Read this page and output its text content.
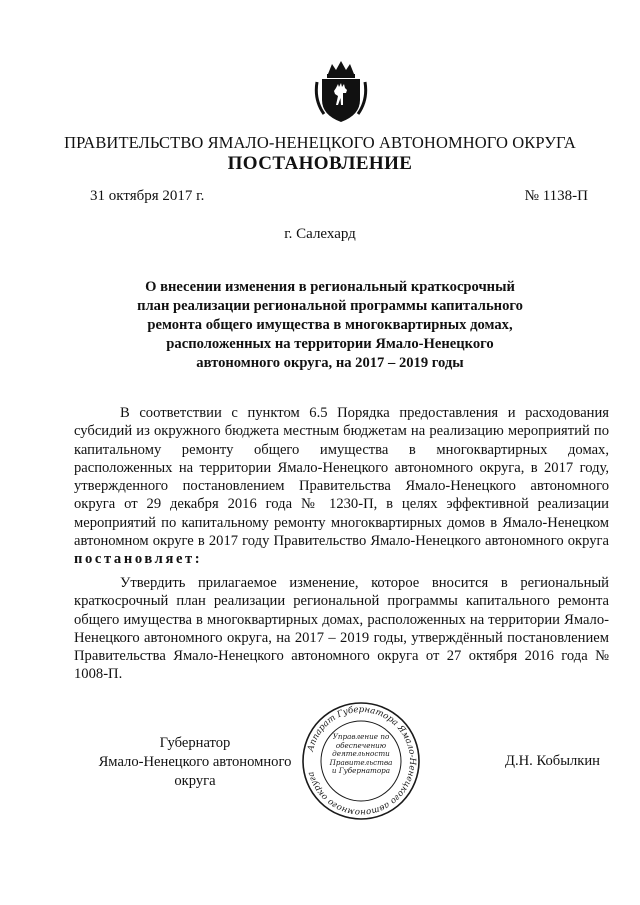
ПРАВИТЕЛЬСТВО ЯМАЛО-НЕНЕЦКОГО АВТОНОМНОГО ОКРУГА
ПОСТАНОВЛЕНИЕ
31 октября 2017 г.	№ 1138-П
г. Салехард
О внесении изменения в региональный краткосрочный план реализации региональной программы капитального ремонта общего имущества в многоквартирных домах, расположенных на территории Ямало-Ненецкого автономного округа, на 2017 – 2019 годы

В соответствии с пунктом 6.5 Порядка предоставления и расходования субсидий из окружного бюджета местным бюджетам на реализацию мероприятий по капитальному ремонту общего имущества в многоквартирных домах, расположенных на территории Ямало-Ненецкого автономного округа, в 2017 году, утвержденного постановлением Правительства Ямало-Ненецкого автономного округа от 29 декабря 2016 года № 1230-П, в целях эффективной реализации мероприятий по капитальному ремонту многоквартирных домов в Ямало-Ненецком автономном округе в 2017 году Правительство Ямало-Ненецкого автономного округа постановляет:

Утвердить прилагаемое изменение, которое вносится в региональный краткосрочный план реализации региональной программы капитального ремонта общего имущества в многоквартирных домах, расположенных на территории Ямало-Ненецкого автономного округа, на 2017 – 2019 годы, утверждённый постановлением Правительства Ямало-Ненецкого автономного округа от 27 октября 2016 года № 1008-П.

Губернатор
Ямало-Ненецкого автономного округа
Д.Н. Кобылкин
Аппарат Губернатора Ямало-Ненецкого автономного округа
Управление по обеспечению деятельности Правительства и Губернатора
